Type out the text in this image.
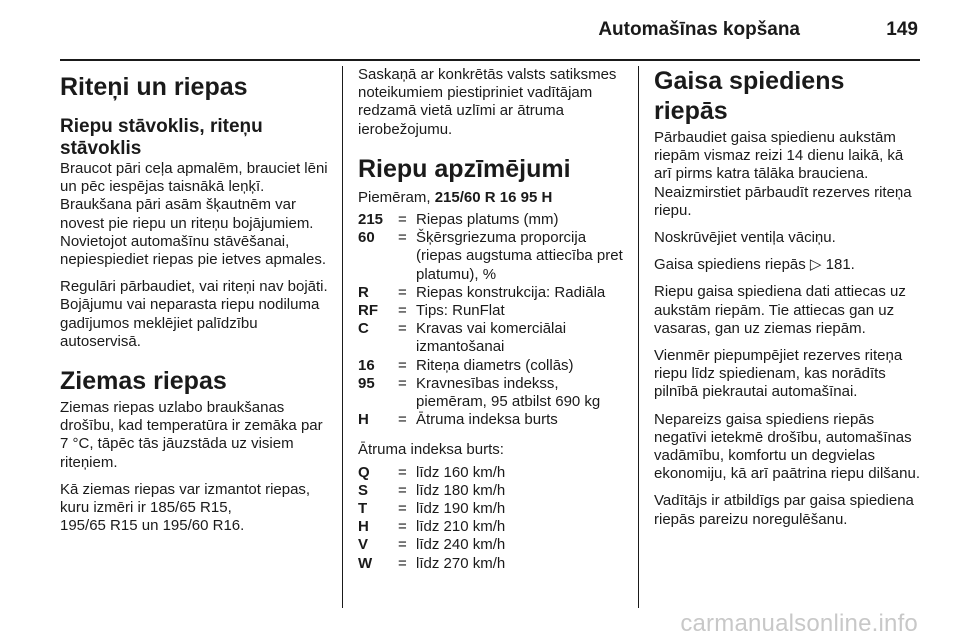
Automašīnas kopšana	149
Riteņi un riepas
Riepu stāvoklis, riteņu stāvoklis

Braucot pāri ceļa apmalēm, brauciet lēni un pēc iespējas taisnākā leņķī. Braukšana pāri asām šķautnēm var novest pie riepu un riteņu bojājumiem. Novietojot automašīnu stāvēšanai, nepiespiediet riepas pie ietves apmales.

Regulāri pārbaudiet, vai riteņi nav bojāti. Bojājumu vai neparasta riepu nodiluma gadījumos meklējiet palīdzību autoservisā.

Ziemas riepas

Ziemas riepas uzlabo braukšanas drošību, kad temperatūra ir zemāka par 7 °C, tāpēc tās jāuzstāda uz visiem riteņiem.

Kā ziemas riepas var izmantot riepas, kuru izmēri ir 185/65 R15,
195/65 R15 un 195/60 R16.

Saskaņā ar konkrētās valsts satiksmes noteikumiem piestipriniet vadītājam redzamā vietā uzlīmi ar ātruma ierobežojumu.

Riepu apzīmējumi

Piemēram, 215/60 R 16 95 H

215 = Riepas platums (mm)
60	= Šķērsgriezuma proporcija (riepas augstuma attiecība pret platumu), %
R	= Riepas konstrukcija: Radiāla
RF	= Tips: RunFlat
C	= Kravas vai komerciālai izmantošanai
16	= Riteņa diametrs (collās)
95	= Kravnesības indekss, piemēram, 95 atbilst 690 kg
H	= Ātruma indeksa burts

Ātruma indeksa burts:

Q	= līdz 160 km/h
S	= līdz 180 km/h
T	= līdz 190 km/h
H	= līdz 210 km/h
V	= līdz 240 km/h
W	= līdz 270 km/h
Gaisa spiediens riepās

Pārbaudiet gaisa spiedienu aukstām riepām vismaz reizi 14 dienu laikā, kā arī pirms katra tālāka brauciena. Neaizmirstiet pārbaudīt rezerves riteņa riepu.

Noskrūvējiet ventiļa vāciņu.

Gaisa spiediens riepās ▷ 181.

Riepu gaisa spiediena dati attiecas uz aukstām riepām. Tie attiecas gan uz vasaras, gan uz ziemas riepām.

Vienmēr piepumpējiet rezerves riteņa riepu līdz spiedienam, kas norādīts pilnībā piekrautai automašīnai.

Nepareizs gaisa spiediens riepās negatīvi ietekmē drošību, automašīnas vadāmību, komfortu un degvielas ekonomiju, kā arī paātrina riepu dilšanu.

Vadītājs ir atbildīgs par gaisa spiediena riepās pareizu noregulēšanu.

carmanualsonline.info
